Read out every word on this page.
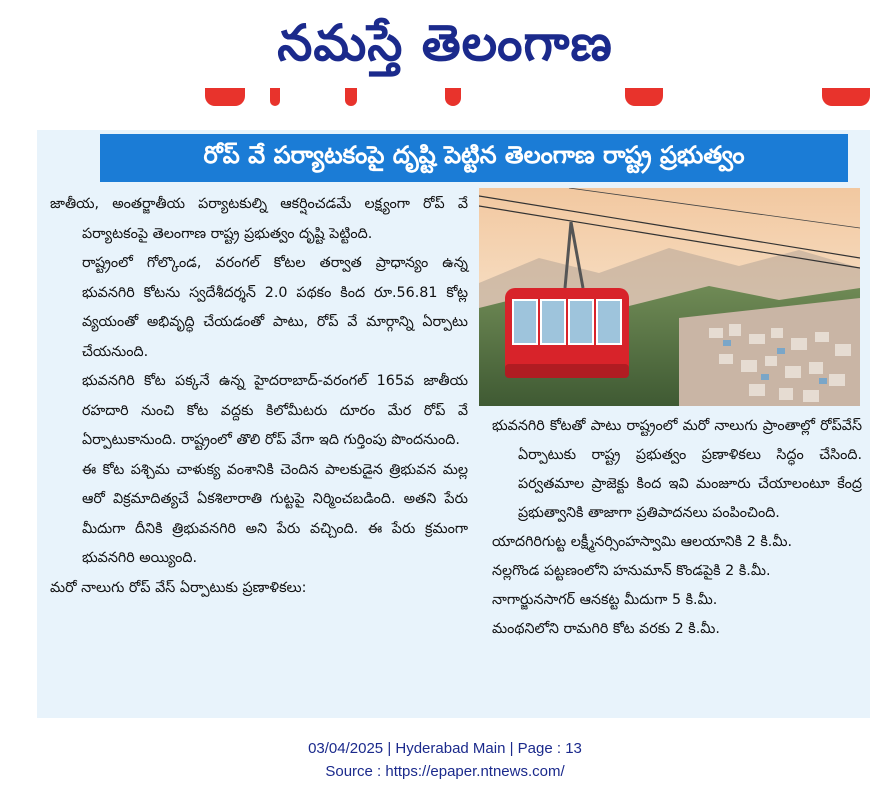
నమస్తే తెలంగాణ
రోప్ వే పర్యాటకంపై దృష్టి పెట్టిన తెలంగాణ రాష్ట్ర ప్రభుత్వం

జాతీయ, అంతర్జాతీయ పర్యాటకుల్ని ఆకర్షించడమే లక్ష్యంగా రోప్ వే పర్యాటకంపై తెలంగాణ రాష్ట్ర ప్రభుత్వం దృష్టి పెట్టింది.

రాష్ట్రంలో గోల్కొండ, వరంగల్ కోటల తర్వాత ప్రాధాన్యం ఉన్న భువనగిరి కోటను స్వదేశీదర్శన్ 2.0 పథకం కింద రూ.56.81 కోట్ల వ్యయంతో అభివృద్ధి చేయడంతో పాటు, రోప్ వే మార్గాన్ని ఏర్పాటు చేయనుంది.

భువనగిరి కోట పక్కనే ఉన్న హైదరాబాద్-వరంగల్ 165వ జాతీయ రహదారి నుంచి కోట వద్దకు కిలోమీటరు దూరం మేర రోప్ వే ఏర్పాటుకానుంది. రాష్ట్రంలో తొలి రోప్ వేగా ఇది గుర్తింపు పొందనుంది.

ఈ కోట పశ్చిమ చాళుక్య వంశానికి చెందిన పాలకుడైన త్రిభువన మల్ల ఆరో విక్రమాదిత్యచే ఏకశిలారాతి గుట్టపై నిర్మించబడింది. అతని పేరు మీదుగా దీనికి త్రిభువనగిరి అని పేరు వచ్చింది. ఈ పేరు క్రమంగా భువనగిరి అయ్యింది.

మరో నాలుగు రోప్ వేస్ ఏర్పాటుకు ప్రణాళికలు:

భువనగిరి కోటతో పాటు రాష్ట్రంలో మరో నాలుగు ప్రాంతాల్లో రోప్‌వేస్ ఏర్పాటుకు రాష్ట్ర ప్రభుత్వం ప్రణాళికలు సిద్ధం చేసింది. పర్వతమాల ప్రాజెక్టు కింద ఇవి మంజూరు చేయాలంటూ కేంద్ర ప్రభుత్వానికి తాజాగా ప్రతిపాదనలు పంపించింది.

యాదగిరిగుట్ట లక్ష్మీనర్సింహస్వామి ఆలయానికి 2 కి.మీ.

నల్లగొండ పట్టణంలోని హనుమాన్ కొండపైకి 2 కి.మీ.

నాగార్జునసాగర్ ఆనకట్ట మీదుగా 5 కి.మీ.

మంథనిలోని రామగిరి కోట వరకు 2 కి.మీ.

03/04/2025 | Hyderabad Main | Page : 13
Source : https://epaper.ntnews.com/
